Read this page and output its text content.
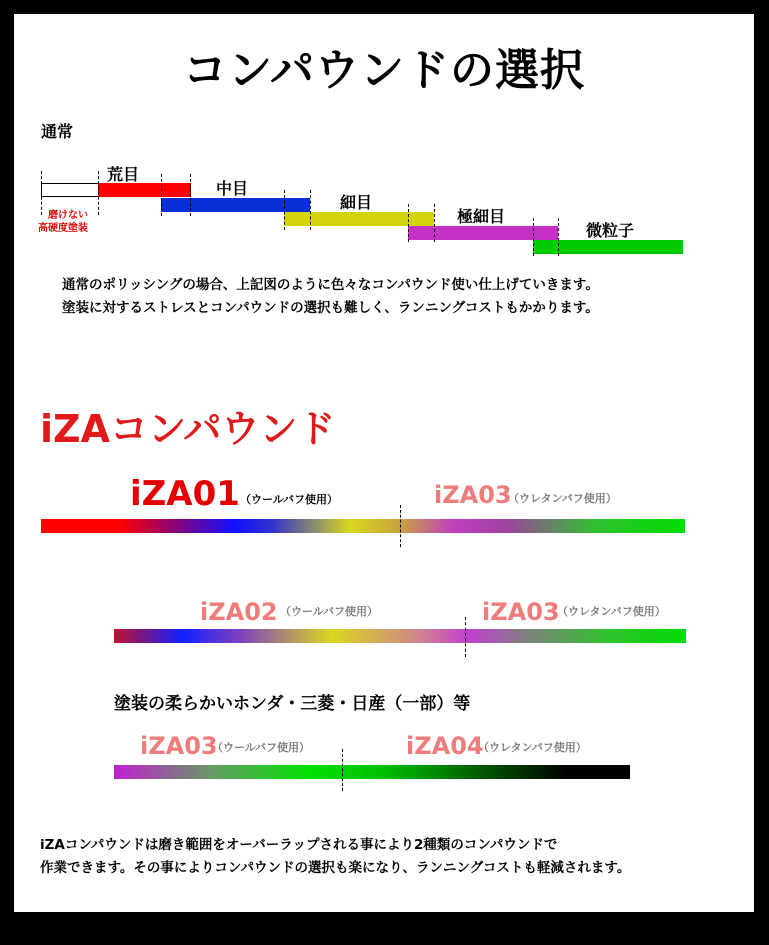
コンパウンドの選択
通常
磨けない
高硬度塗装
荒目
中目
細目
極細目
微粒子
通常のポリッシングの場合、上記図のように色々なコンパウンド使い仕上げていきます。
塗装に対するストレスとコンパウンドの選択も難しく、ランニングコストもかかります。
iZAコンパウンド
iZA01 （ウールバフ使用）	iZA03
（ウレタンバフ使用）
iZA02 （ウールバフ使用）	iZA03
（ウレタンバフ使用）
塗装の柔らかいホンダ・三菱・日産（一部）等
iZA03
（ウールバフ使用）	iZA04
（ウレタンバフ使用）
iZAコンパウンドは磨き範囲をオーバーラップされる事により2種類のコンパウンドで
作業できます。その事によりコンパウンドの選択も楽になり、ランニングコストも軽減されます。
